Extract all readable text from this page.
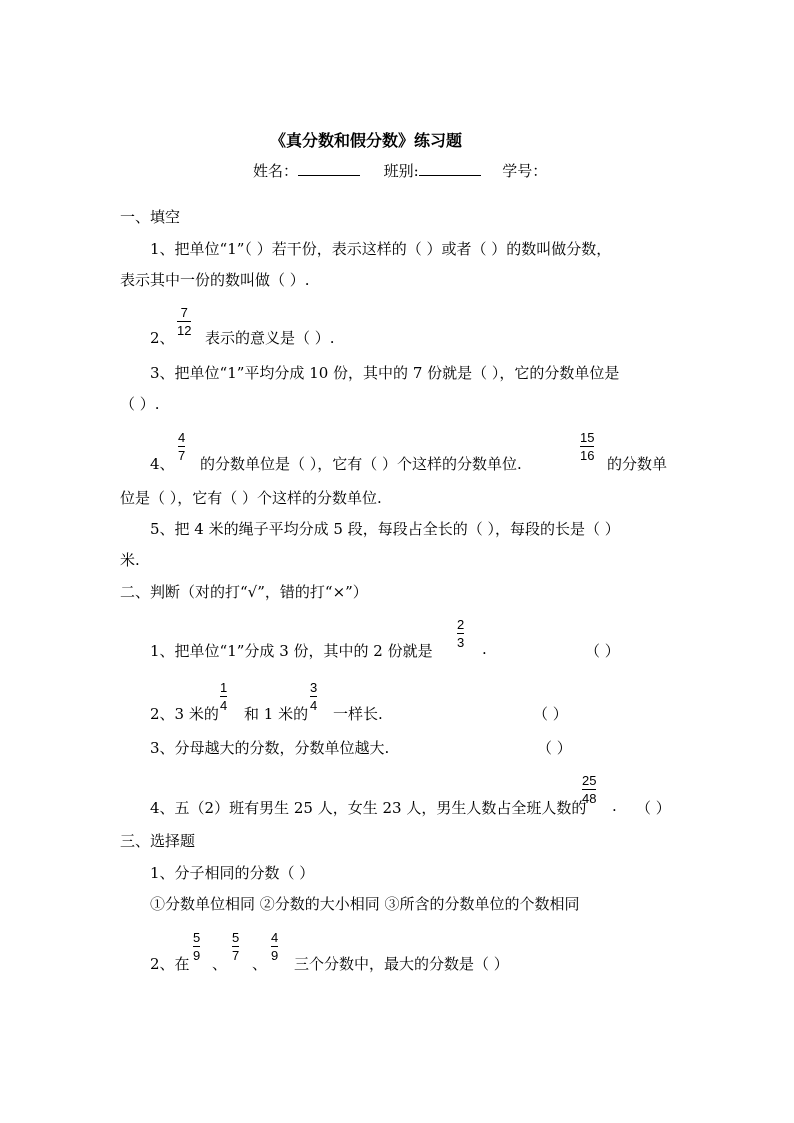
《真分数和假分数》练习题
姓名：	班别:	学号：
一、填空
1、把单位“1”（ ）若干份，表示这样的（ ）或者（ ）的数叫做分数，
表示其中一份的数叫做（ ）.
2、
7
12 表示的意义是（ ）.
3、把单位“1”平均分成 10 份，其中的 7 份就是（ ），它的分数单位是
（ ）.
4、
4
7 的分数单位是（ ），它有（ ）个这样的分数单位.
15
16 的分数单
位是（ ），它有（ ）个这样的分数单位.
5、把 4 米的绳子平均分成 5 段，每段占全长的（ ），每段的长是（ ）
米.
二、判断（对的打“√”，错的打“×”）
1、把单位“1”分成 3 份，其中的 2 份就是
2
3 .	（ ）
2、3 米的
1
4 和 1 米的
3
4 一样长.	（ ）
3、分母越大的分数，分数单位越大.	（ ）
4、五（2）班有男生 25 人，女生 23 人，男生人数占全班人数的
25
48 . （ ）
三、选择题
1、分子相同的分数（ ）
①分数单位相同 ②分数的大小相同 ③所含的分数单位的个数相同
2、在
5
9 、
5
7 、
4
9 三个分数中，最大的分数是（ ）
